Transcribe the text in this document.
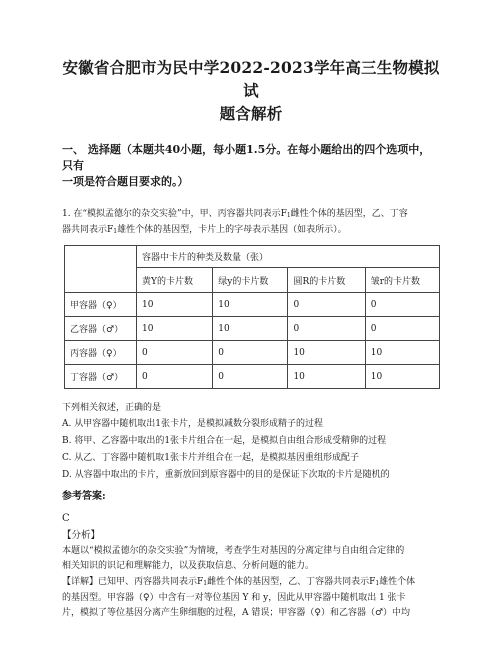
安徽省合肥市为民中学2022-2023学年高三生物模拟试
题含解析
一、 选择题（本题共40小题，每小题1.5分。在每小题给出的四个选项中，只有
一项是符合题目要求的。）

1. 在“模拟孟德尔的杂交实验”中，甲、丙容器共同表示$F_1$雌性个体的基因型，乙、丁容
器共同表示$F_1$雄性个体的基因型，卡片上的字母表示基因（如表所示）。

	容器中卡片的种类及数量（张）			
	黄Y的卡片数	绿y的卡片数	圆R的卡片数	皱r的卡片数
甲容器（♀）	10	10	0	0
乙容器（♂）	10	10	0	0
丙容器（♀）	0	0	10	10
丁容器（♂）	0	0	10	10

下列相关叙述，正确的是

A. 从甲容器中随机取出1张卡片，是模拟减数分裂形成精子的过程

B. 将甲、乙容器中取出的1张卡片组合在一起，是模拟自由组合形成受精卵的过程

C. 从乙、丁容器中随机取1张卡片并组合在一起，是模拟基因重组形成配子

D. 从容器中取出的卡片，重新放回到原容器中的目的是保证下次取的卡片是随机的

参考答案:
C
【分析】

本题以“模拟孟德尔的杂交实验”为情境，考查学生对基因的分离定律与自由组合定律的
相关知识的识记和理解能力，以及获取信息、分析问题的能力。

【详解】已知甲、丙容器共同表示$F_1$雌性个体的基因型，乙、丁容器共同表示$F_1$雄性个体
的基因型。甲容器（♀）中含有一对等位基因 Y 和 y，因此从甲容器中随机取出 1 张卡
片，模拟了等位基因分离产生卵细胞的过程，A 错误；甲容器（♀）和乙容器（♂）中均
